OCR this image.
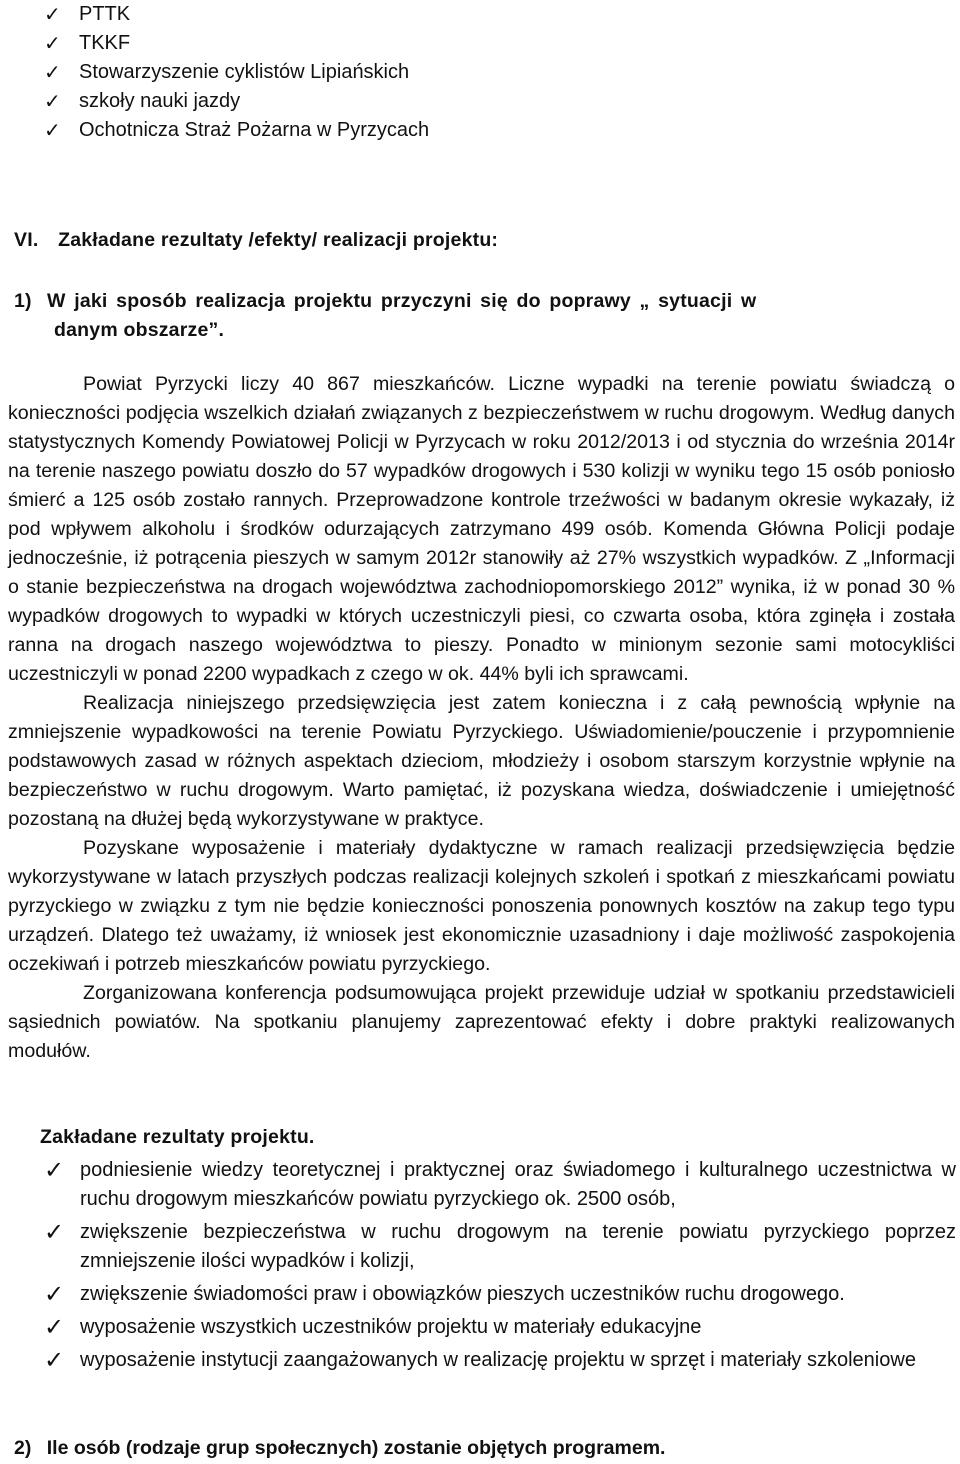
✓ PTTK
✓ TKKF
✓ Stowarzyszenie cyklistów Lipiańskich
✓ szkoły nauki jazdy
✓ Ochotnicza Straż Pożarna w Pyrzycach
VI. Zakładane rezultaty /efekty/ realizacji projektu:
1) W jaki sposób realizacja projektu przyczyni się do poprawy „ sytuacji w
danym obszarze”.

Powiat Pyrzycki liczy 40 867 mieszkańców. Liczne wypadki na terenie powiatu świadczą o konieczności podjęcia wszelkich działań związanych z bezpieczeństwem w ruchu drogowym. Według danych statystycznych Komendy Powiatowej Policji w Pyrzycach w roku 2012/2013 i od stycznia do września 2014r na terenie naszego powiatu doszło do 57 wypadków drogowych i 530 kolizji w wyniku tego 15 osób poniosło śmierć a 125 osób zostało rannych. Przeprowadzone kontrole trzeźwości w badanym okresie wykazały, iż pod wpływem alkoholu i środków odurzających zatrzymano 499 osób. Komenda Główna Policji podaje jednocześnie, iż potrącenia pieszych w samym 2012r stanowiły aż 27% wszystkich wypadków. Z „Informacji o stanie bezpieczeństwa na drogach województwa zachodniopomorskiego 2012” wynika, iż w ponad 30 % wypadków drogowych to wypadki w których uczestniczyli piesi, co czwarta osoba, która zginęła i została ranna na drogach naszego województwa to pieszy. Ponadto w minionym sezonie sami motocykliści uczestniczyli w ponad 2200 wypadkach z czego w ok. 44% byli ich sprawcami.

Realizacja niniejszego przedsięwzięcia jest zatem konieczna i z całą pewnością wpłynie na zmniejszenie wypadkowości na terenie Powiatu Pyrzyckiego. Uświadomienie/pouczenie i przypomnienie podstawowych zasad w różnych aspektach dzieciom, młodzieży i osobom starszym korzystnie wpłynie na bezpieczeństwo w ruchu drogowym. Warto pamiętać, iż pozyskana wiedza, doświadczenie i umiejętność pozostaną na dłużej będą wykorzystywane w praktyce.

Pozyskane wyposażenie i materiały dydaktyczne w ramach realizacji przedsięwzięcia będzie wykorzystywane w latach przyszłych podczas realizacji kolejnych szkoleń i spotkań z mieszkańcami powiatu pyrzyckiego w związku z tym nie będzie konieczności ponoszenia ponownych kosztów na zakup tego typu urządzeń. Dlatego też uważamy, iż wniosek jest ekonomicznie uzasadniony i daje możliwość zaspokojenia oczekiwań i potrzeb mieszkańców powiatu pyrzyckiego.

Zorganizowana konferencja podsumowująca projekt przewiduje udział w spotkaniu przedstawicieli sąsiednich powiatów. Na spotkaniu planujemy zaprezentować efekty i dobre praktyki realizowanych modułów.

Zakładane rezultaty projektu.
✓ podniesienie wiedzy teoretycznej i praktycznej oraz świadomego i kulturalnego uczestnictwa w ruchu drogowym mieszkańców powiatu pyrzyckiego ok. 2500 osób,
✓ zwiększenie bezpieczeństwa w ruchu drogowym na terenie powiatu pyrzyckiego poprzez zmniejszenie ilości wypadków i kolizji,
✓ zwiększenie świadomości praw i obowiązków pieszych uczestników ruchu drogowego.
✓ wyposażenie wszystkich uczestników projektu w materiały edukacyjne
✓ wyposażenie instytucji zaangażowanych w realizację projektu w sprzęt i materiały szkoleniowe
2) Ile osób (rodzaje grup społecznych) zostanie objętych programem.
